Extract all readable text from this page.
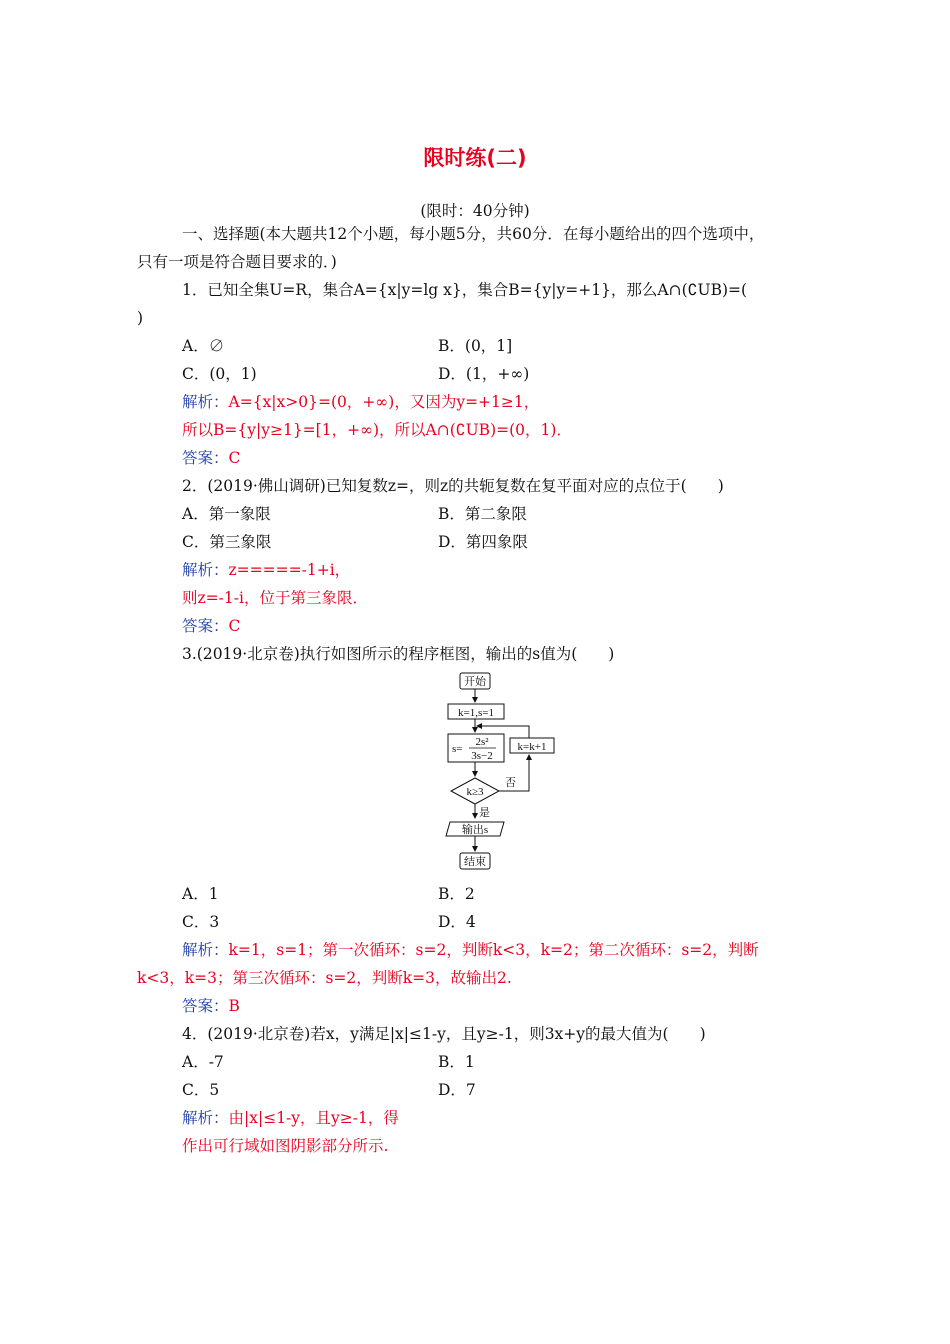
限时练(二)
(限时：40分钟)
一、选择题(本大题共12个小题，每小题5分，共60分．在每小题给出的四个选项中，
只有一项是符合题目要求的．)
1．已知全集U=R，集合A={x|y=lg x}，集合B={y|y=+1}，那么A∩(∁UB)=(
)
A．∅	B．(0，1]
C．(0，1)	D．(1，+∞)
解析：A={x|x>0}=(0，+∞)，又因为y=+1≥1，
所以B={y|y≥1}=[1，+∞)，所以A∩(∁UB)=(0，1)．
答案：C
2．(2019·佛山调研)已知复数z=，则z的共轭复数在复平面对应的点位于(　　)
A．第一象限	B．第二象限
C．第三象限	D．第四象限
解析：z=====-1+i，
则z=-1-i，位于第三象限．
答案：C
3.(2019·北京卷)执行如图所示的程序框图，输出的s值为(　　)
开始
k=1,s=1
s=
2s²
3s−2
k=k+1
k≥3
否
是
输出s
结束
A．1	B．2
C．3	D．4
解析：k=1，s=1；第一次循环：s=2，判断k<3，k=2；第二次循环：s=2，判断
k<3，k=3；第三次循环：s=2，判断k=3，故输出2.
答案：B
4．(2019·北京卷)若x，y满足|x|≤1-y，且y≥-1，则3x+y的最大值为(　　)
A．-7	B．1
C．5	D．7
解析：由|x|≤1-y，且y≥-1，得
作出可行域如图阴影部分所示.
